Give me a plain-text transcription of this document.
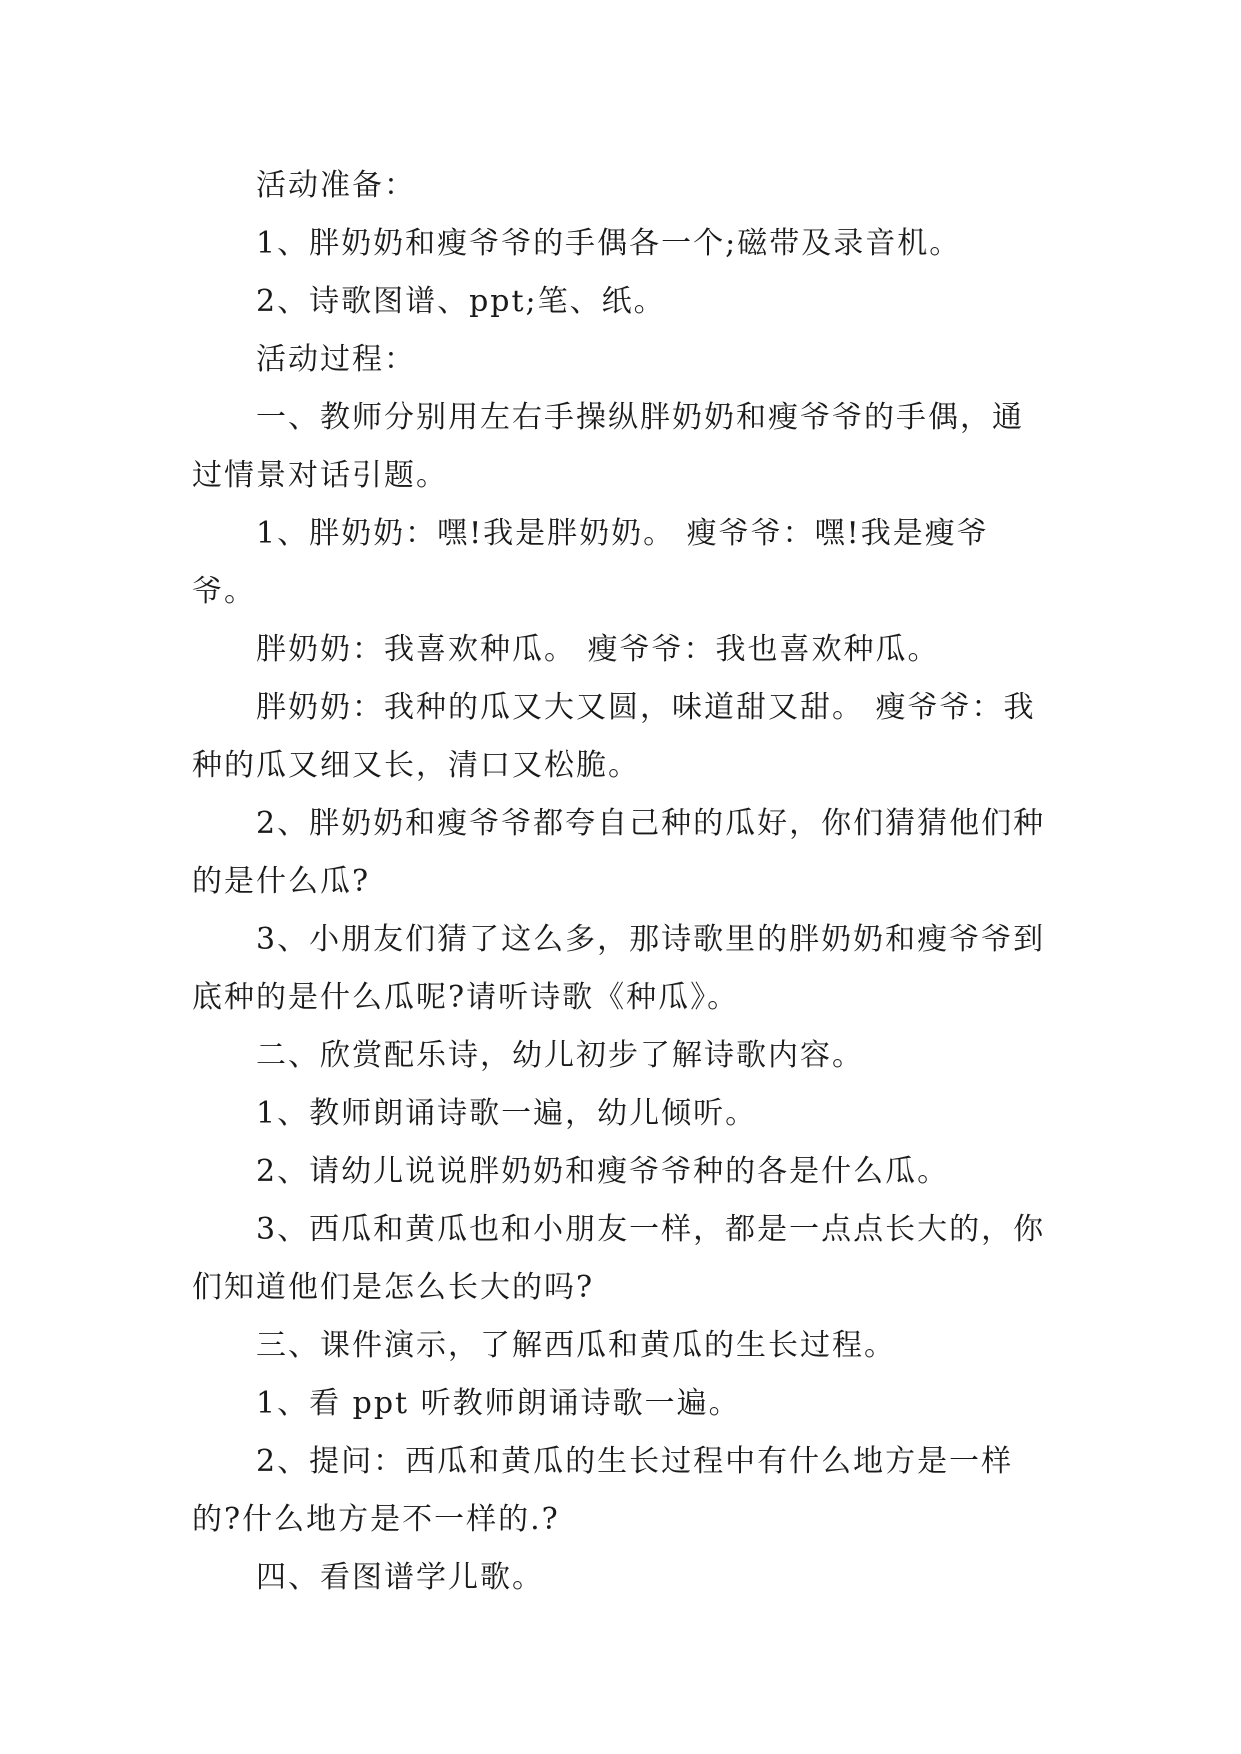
活动准备：

1、胖奶奶和瘦爷爷的手偶各一个;磁带及录音机。

2、诗歌图谱、ppt;笔、纸。

活动过程：

一、教师分别用左右手操纵胖奶奶和瘦爷爷的手偶，通过情景对话引题。

1、胖奶奶：嘿!我是胖奶奶。 瘦爷爷：嘿!我是瘦爷爷。

胖奶奶：我喜欢种瓜。 瘦爷爷：我也喜欢种瓜。

胖奶奶：我种的瓜又大又圆，味道甜又甜。 瘦爷爷：我种的瓜又细又长，清口又松脆。

2、胖奶奶和瘦爷爷都夸自己种的瓜好，你们猜猜他们种的是什么瓜?

3、小朋友们猜了这么多，那诗歌里的胖奶奶和瘦爷爷到底种的是什么瓜呢?请听诗歌《种瓜》。

二、欣赏配乐诗，幼儿初步了解诗歌内容。

1、教师朗诵诗歌一遍，幼儿倾听。

2、请幼儿说说胖奶奶和瘦爷爷种的各是什么瓜。

3、西瓜和黄瓜也和小朋友一样，都是一点点长大的，你们知道他们是怎么长大的吗?

三、课件演示，了解西瓜和黄瓜的生长过程。

1、看 ppt 听教师朗诵诗歌一遍。

2、提问：西瓜和黄瓜的生长过程中有什么地方是一样的?什么地方是不一样的.?

四、看图谱学儿歌。
